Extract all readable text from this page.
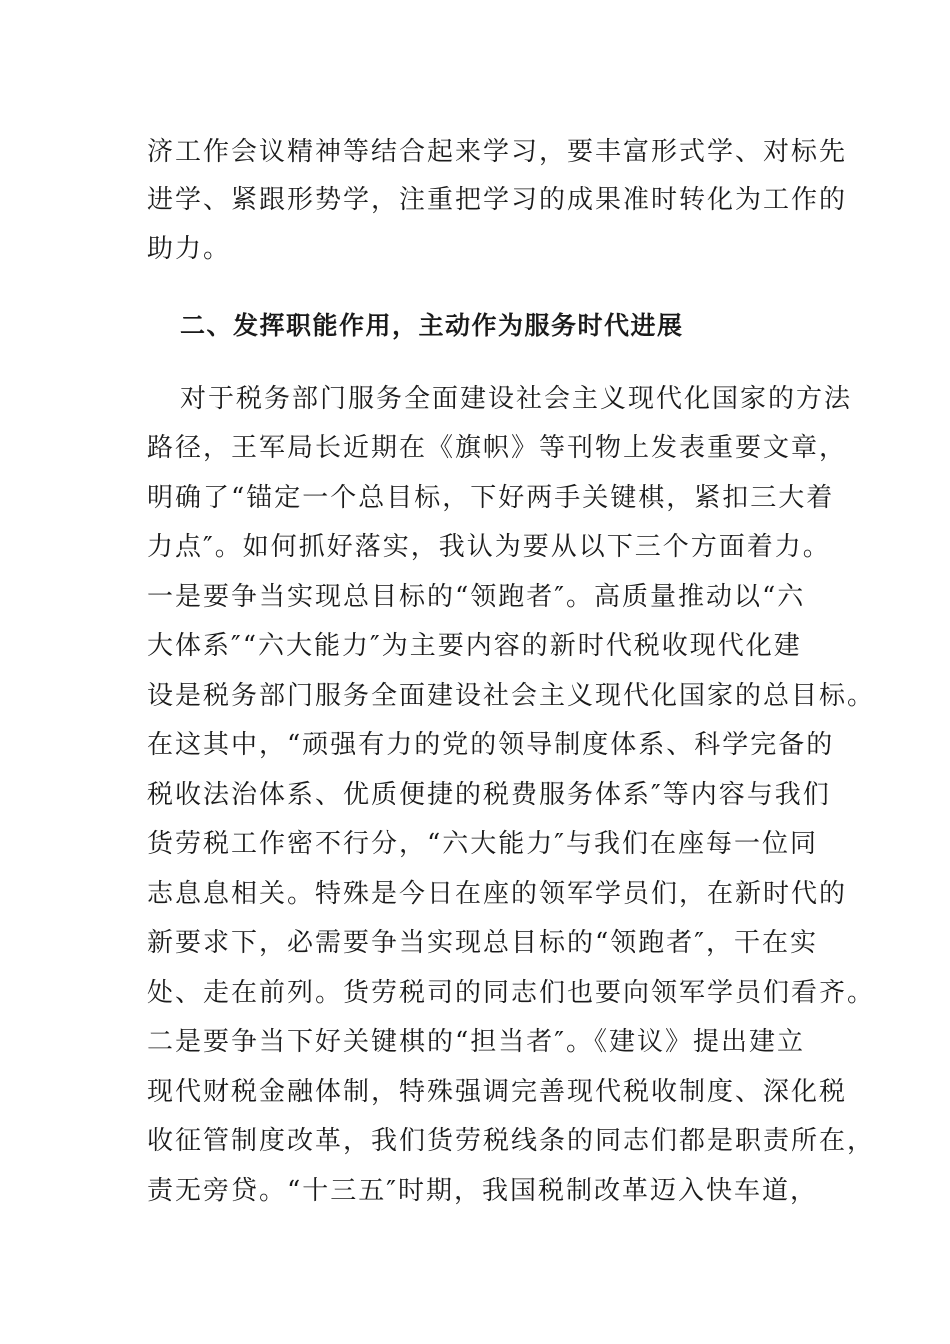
济工作会议精神等结合起来学习，要丰富形式学、对标先
进学、紧跟形势学，注重把学习的成果准时转化为工作的
助力。
二、发挥职能作用，主动作为服务时代进展
对于税务部门服务全面建设社会主义现代化国家的方法
路径，王军局长近期在《旗帜》等刊物上发表重要文章，
明确了“锚定一个总目标，下好两手关键棋，紧扣三大着
力点″。如何抓好落实，我认为要从以下三个方面着力。
一是要争当实现总目标的“领跑者″。高质量推动以“六
大体系″“六大能力″为主要内容的新时代税收现代化建
设是税务部门服务全面建设社会主义现代化国家的总目标。
在这其中，“顽强有力的党的领导制度体系、科学完备的
税收法治体系、优质便捷的税费服务体系″等内容与我们
货劳税工作密不行分，“六大能力″与我们在座每一位同
志息息相关。特殊是今日在座的领军学员们，在新时代的
新要求下，必需要争当实现总目标的“领跑者″，干在实
处、走在前列。货劳税司的同志们也要向领军学员们看齐。
二是要争当下好关键棋的“担当者″。《建议》提出建立
现代财税金融体制，特殊强调完善现代税收制度、深化税
收征管制度改革，我们货劳税线条的同志们都是职责所在，
责无旁贷。“十三五″时期，我国税制改革迈入快车道，
